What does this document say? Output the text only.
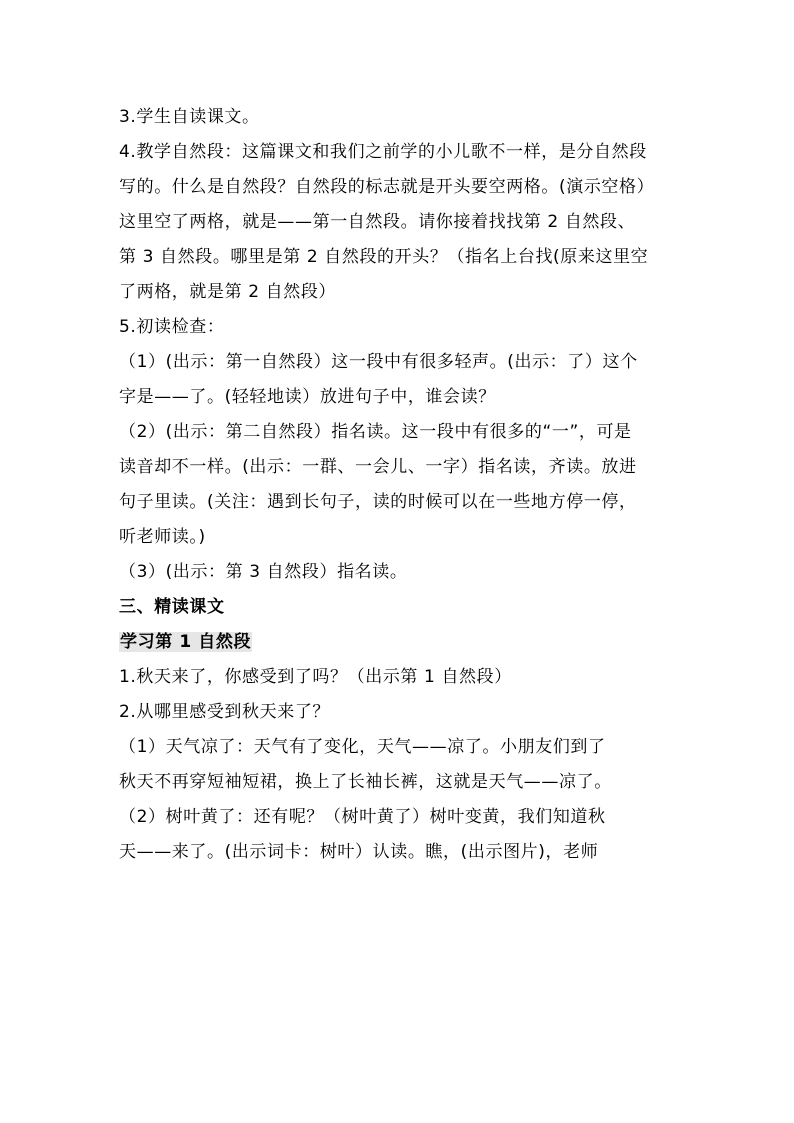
3.学生自读课文。
4.教学自然段：这篇课文和我们之前学的小儿歌不一样，是分自然段
写的。什么是自然段？自然段的标志就是开头要空两格。(演示空格）
这里空了两格，就是——第一自然段。请你接着找找第 2 自然段、
第 3 自然段。哪里是第 2 自然段的开头？（指名上台找(原来这里空
了两格，就是第 2 自然段）
5.初读检查：
（1）(出示：第一自然段）这一段中有很多轻声。(出示：了）这个
字是——了。(轻轻地读）放进句子中，谁会读？
（2）(出示：第二自然段）指名读。这一段中有很多的“一”，可是
读音却不一样。(出示：一群、一会儿、一字）指名读，齐读。放进
句子里读。(关注：遇到长句子，读的时候可以在一些地方停一停，
听老师读。)
（3）(出示：第 3 自然段）指名读。
三、精读课文
学习第 1 自然段
1.秋天来了，你感受到了吗？（出示第 1 自然段）
2.从哪里感受到秋天来了？
（1）天气凉了：天气有了变化，天气——凉了。小朋友们到了
秋天不再穿短袖短裙，换上了长袖长裤，这就是天气——凉了。
（2）树叶黄了：还有呢？（树叶黄了）树叶变黄，我们知道秋
天——来了。(出示词卡：树叶）认读。瞧，(出示图片)，老师
